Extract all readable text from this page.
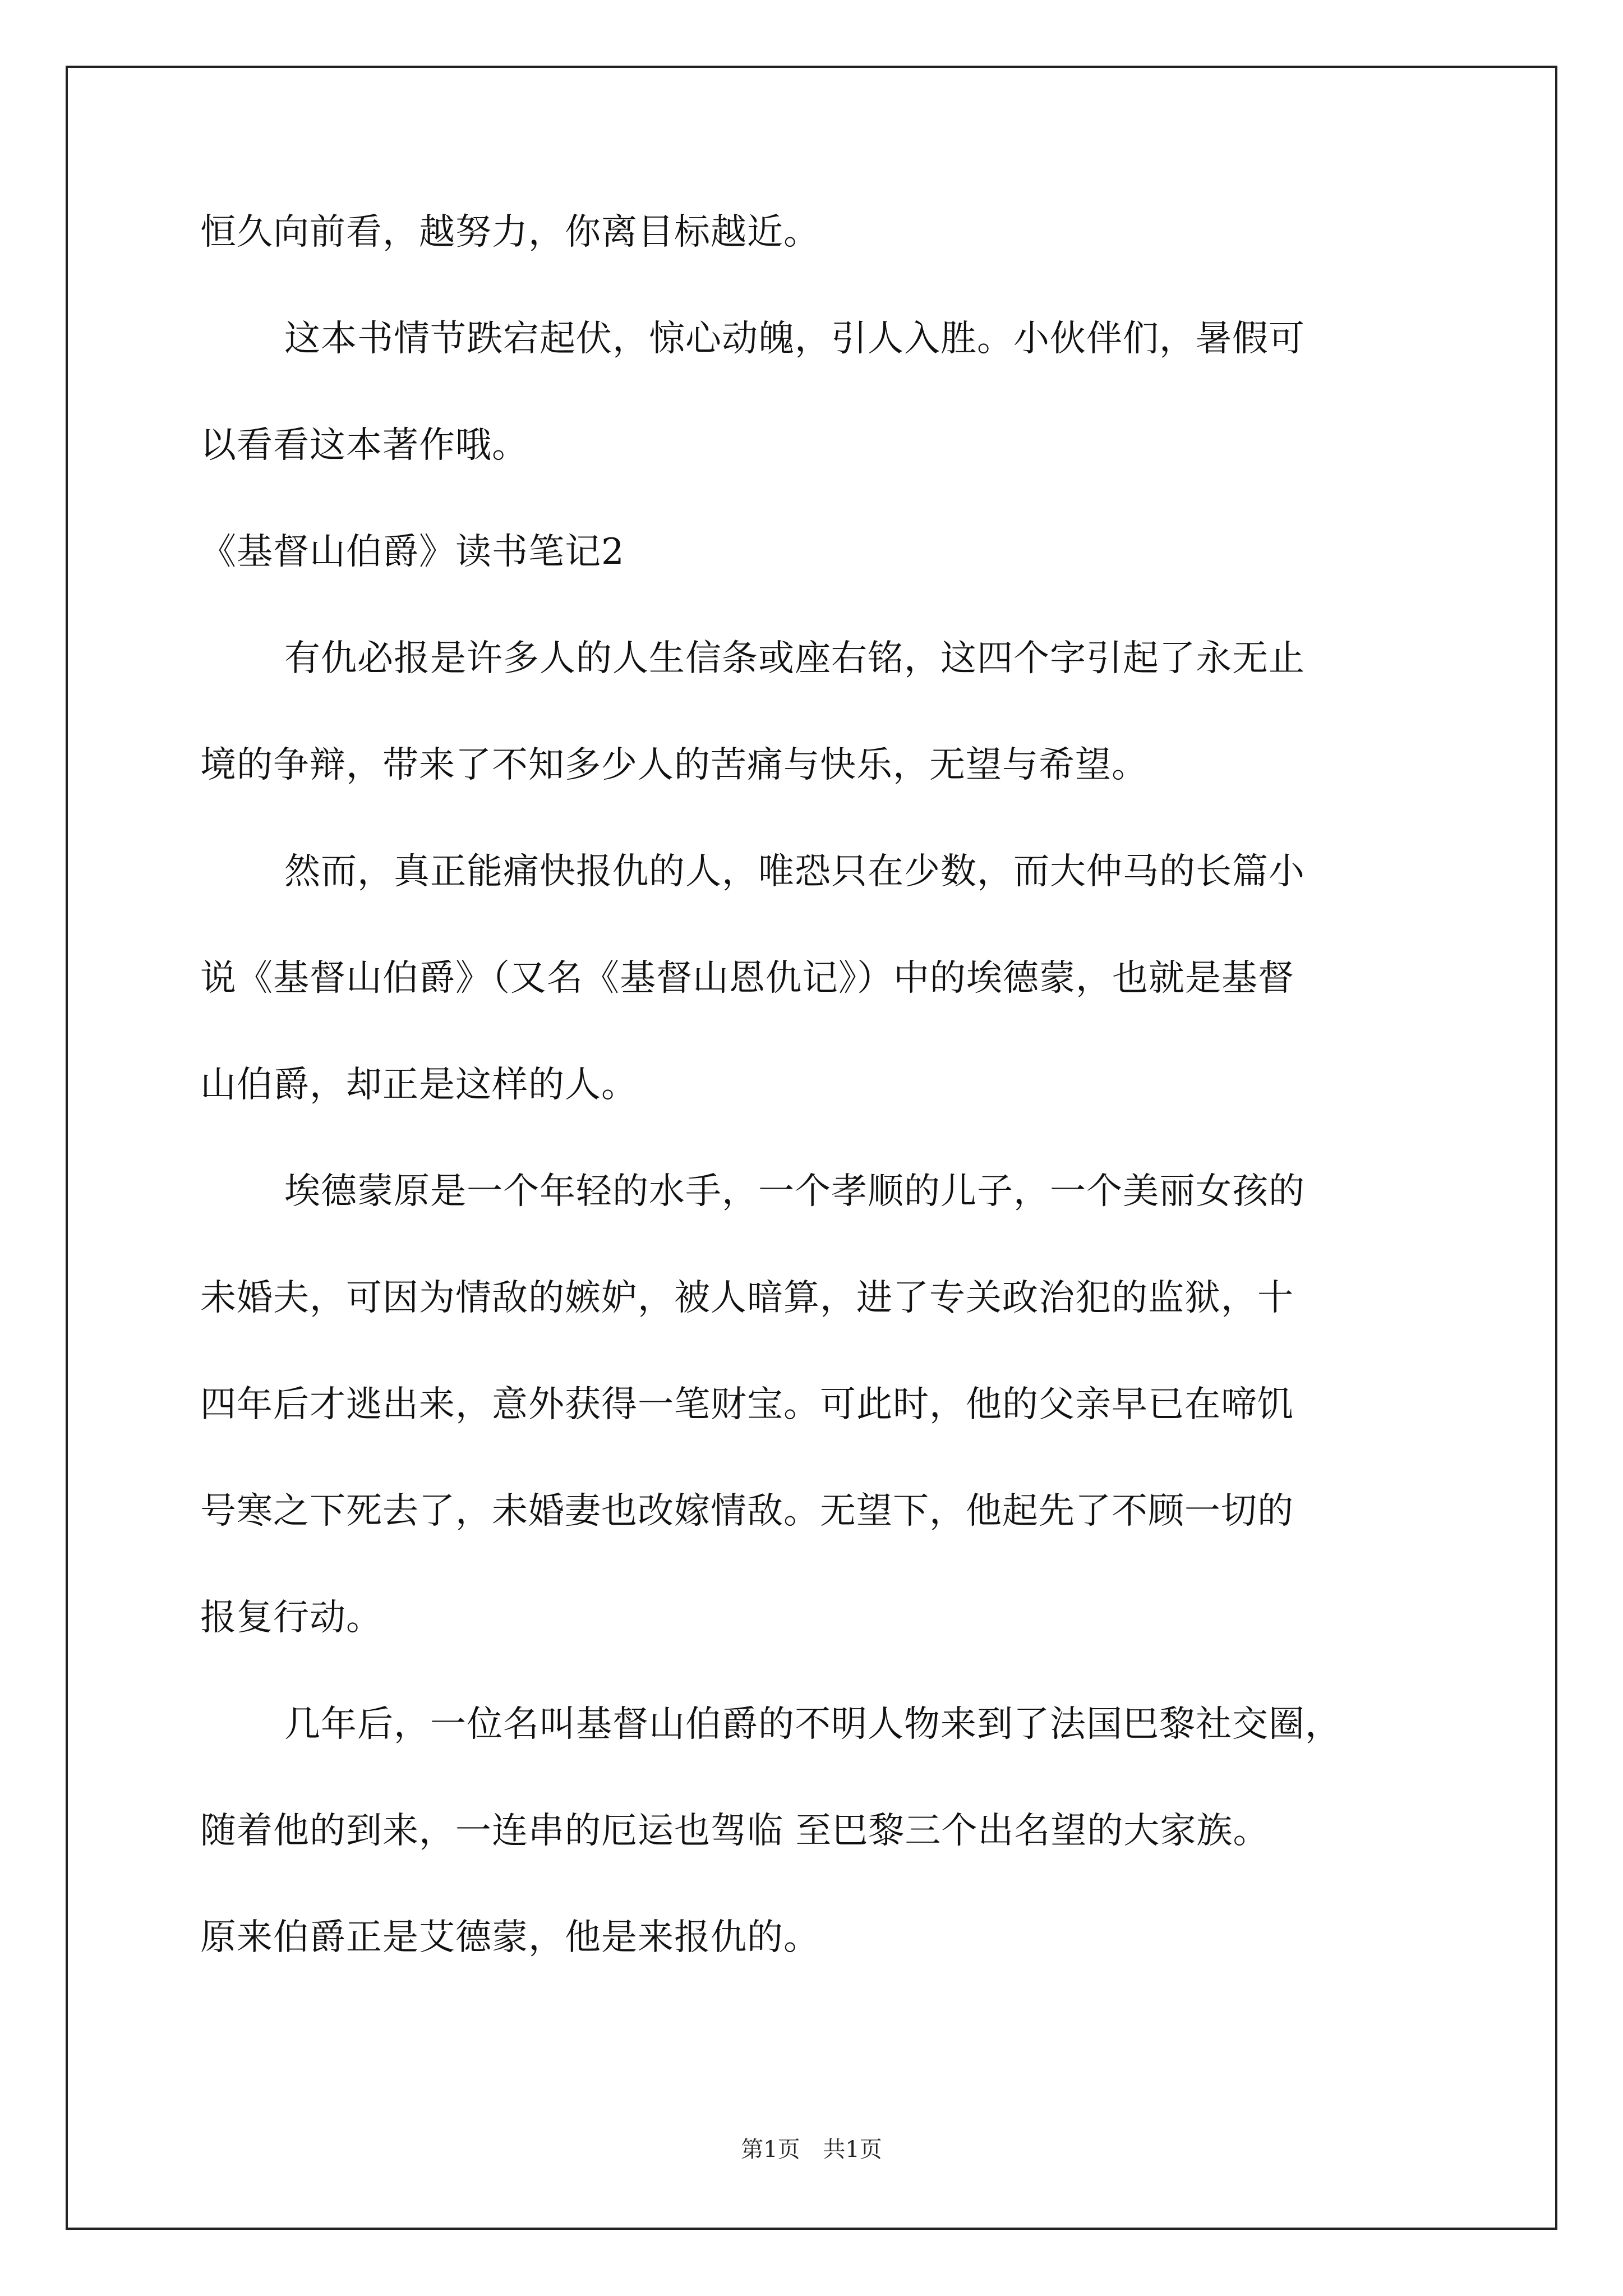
恒久向前看，越努力，你离目标越近。
这本书情节跌宕起伏，惊心动魄，引人入胜。小伙伴们，暑假可
以看看这本著作哦。
《基督山伯爵》读书笔记2
有仇必报是许多人的人生信条或座右铭，这四个字引起了永无止
境的争辩，带来了不知多少人的苦痛与快乐，无望与希望。
然而，真正能痛快报仇的人，唯恐只在少数，而大仲马的长篇小
说《基督山伯爵》（又名《基督山恩仇记》）中的埃德蒙，也就是基督
山伯爵，却正是这样的人。
埃德蒙原是一个年轻的水手，一个孝顺的儿子，一个美丽女孩的
未婚夫，可因为情敌的嫉妒，被人暗算，进了专关政治犯的监狱，十
四年后才逃出来，意外获得一笔财宝。可此时，他的父亲早已在啼饥
号寒之下死去了，未婚妻也改嫁情敌。无望下，他起先了不顾一切的
报复行动。
几年后，一位名叫基督山伯爵的不明人物来到了法国巴黎社交圈，
随着他的到来，一连串的厄运也驾临 至巴黎三个出名望的大家族。
原来伯爵正是艾德蒙，他是来报仇的。
第1页 共1页
